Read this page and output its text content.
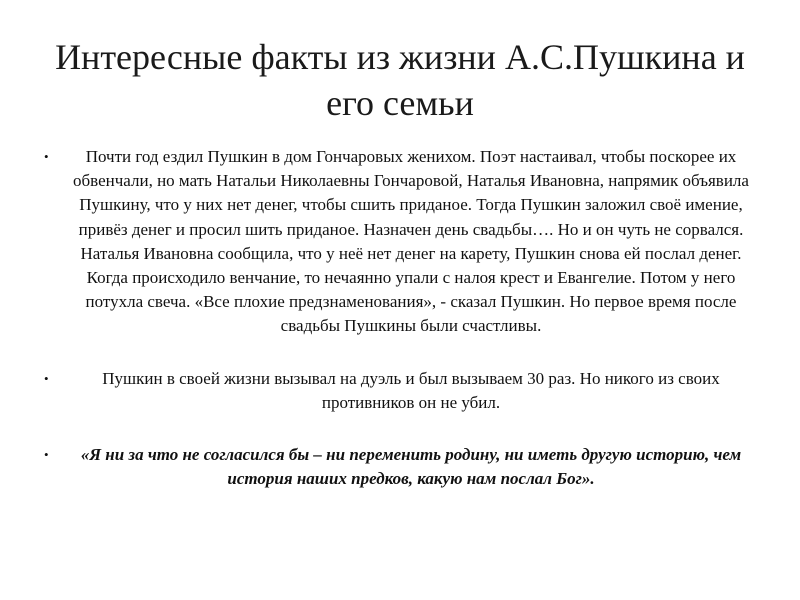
Интересные факты из жизни А.С.Пушкина и его семьи
• Почти год ездил Пушкин в дом Гончаровых женихом. Поэт настаивал, чтобы поскорее их обвенчали, но мать Натальи Николаевны Гончаровой, Наталья Ивановна, напрямик объявила Пушкину, что у них нет денег, чтобы сшить приданое. Тогда Пушкин заложил своё имение, привёз денег и просил шить приданое. Назначен день свадьбы…. Но и он чуть не сорвался. Наталья Ивановна сообщила, что у неё нет денег на карету, Пушкин снова ей послал денег. Когда происходило венчание, то нечаянно упали с налоя крест и Евангелие. Потом у него потухла свеча. «Все плохие предзнаменования», - сказал Пушкин. Но первое время после свадьбы Пушкины были счастливы.
•	Пушкин в своей жизни вызывал на дуэль и был вызываем 30 раз. Но никого из своих противников он не убил.
• «Я ни за что не согласился бы – ни переменить родину, ни иметь другую историю, чем история наших предков, какую нам послал Бог».
